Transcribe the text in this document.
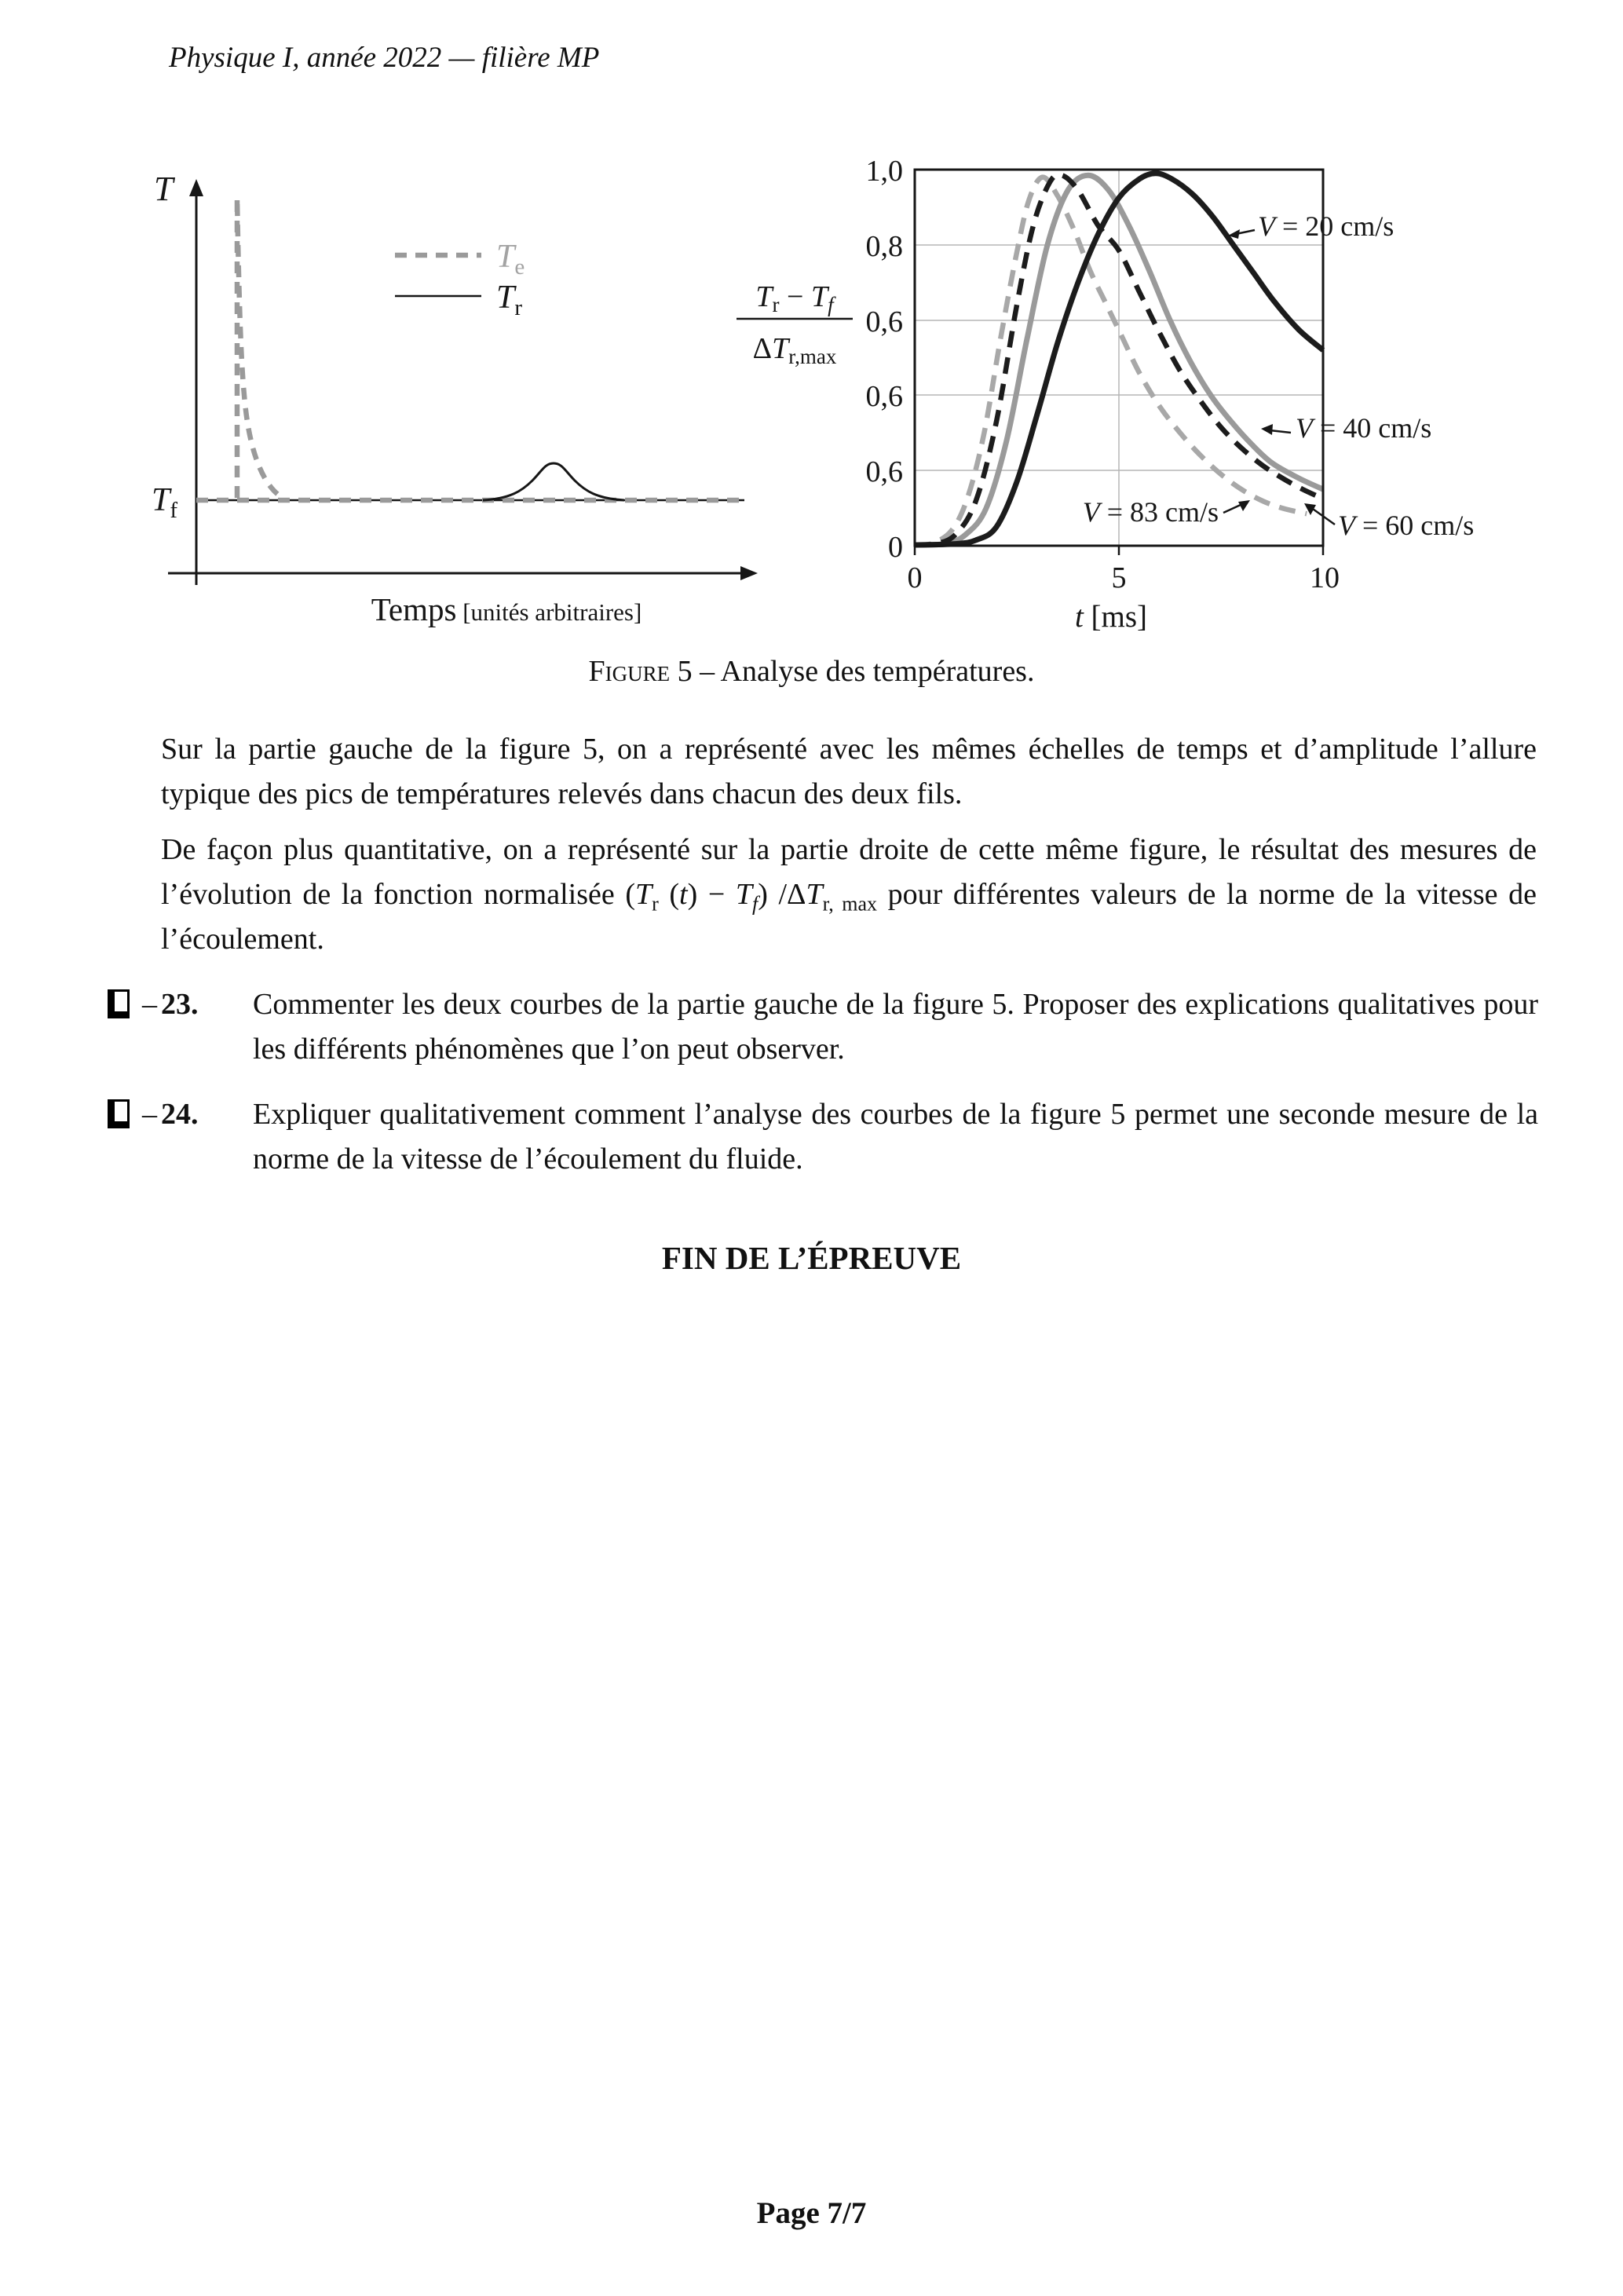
Physique I, année 2022 — filière MP
T
$T_f$
Temps [unités arbitraires]
$T_e$
$T_r$	Tr − Tf
ΔTr,max
1,0
0,8
0,6
0,6
0,6
0
0	5	10
t [ms]
V = 20 cm/s
V = 40 cm/s
V = 83 cm/s	V = 60 cm/s
Figure 5 – Analyse des températures.
Sur la partie gauche de la figure 5, on a représenté avec les mêmes échelles de temps et d’amplitude l’allure typique des pics de températures relevés dans chacun des deux fils.
De façon plus quantitative, on a représenté sur la partie droite de cette même figure, le résultat des mesures de l’évolution de la fonction normalisée ($T_r$ $(t) - T_f$) $/\Delta T_{r, max}$ pour différentes valeurs de la norme de la vitesse de l’écoulement.
– 23. Commenter les deux courbes de la partie gauche de la figure 5. Proposer des explications qualitatives pour les différents phénomènes que l’on peut observer.
– 24. Expliquer qualitativement comment l’analyse des courbes de la figure 5 permet une seconde mesure de la norme de la vitesse de l’écoulement du fluide.
FIN DE L’ÉPREUVE
Page 7/7
